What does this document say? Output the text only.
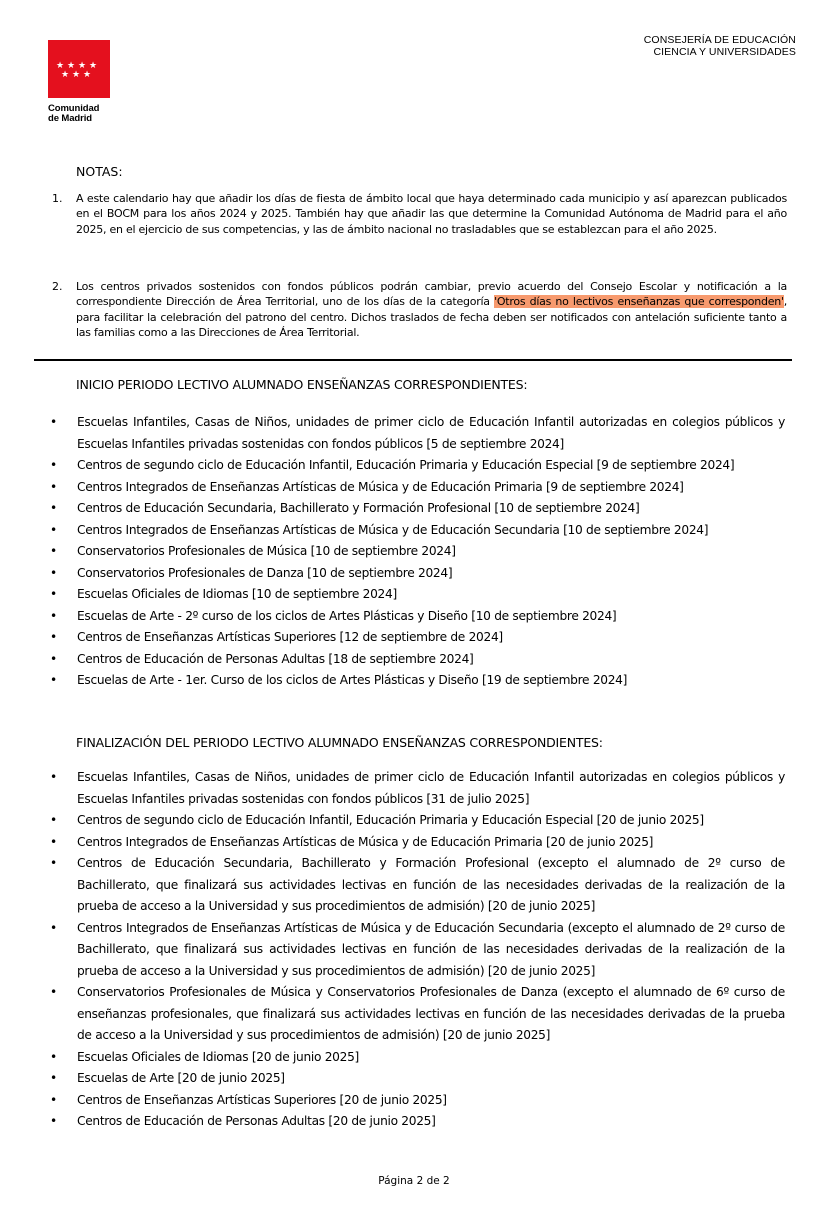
★ ★ ★ ★
★ ★ ★
Comunidad
de Madrid
CONSEJERÍA DE EDUCACIÓN
CIENCIA Y UNIVERSIDADES
NOTAS:
1. A este calendario hay que añadir los días de fiesta de ámbito local que haya determinado cada municipio y así aparezcan publicados en el BOCM para los años 2024 y 2025. También hay que añadir las que determine la Comunidad Autónoma de Madrid para el año 2025, en el ejercicio de sus competencias, y las de ámbito nacional no trasladables que se establezcan para el año 2025.
2. Los centros privados sostenidos con fondos públicos podrán cambiar, previo acuerdo del Consejo Escolar y notificación a la correspondiente Dirección de Área Territorial, uno de los días de la categoría 'Otros días no lectivos enseñanzas que corresponden', para facilitar la celebración del patrono del centro. Dichos traslados de fecha deben ser notificados con antelación suficiente tanto a las familias como a las Direcciones de Área Territorial.
INICIO PERIODO LECTIVO ALUMNADO ENSEÑANZAS CORRESPONDIENTES:
• Escuelas Infantiles, Casas de Niños, unidades de primer ciclo de Educación Infantil autorizadas en colegios públicos y Escuelas Infantiles privadas sostenidas con fondos públicos [5 de septiembre 2024]
• Centros de segundo ciclo de Educación Infantil, Educación Primaria y Educación Especial [9 de septiembre 2024]
• Centros Integrados de Enseñanzas Artísticas de Música y de Educación Primaria [9 de septiembre 2024]
• Centros de Educación Secundaria, Bachillerato y Formación Profesional [10 de septiembre 2024]
• Centros Integrados de Enseñanzas Artísticas de Música y de Educación Secundaria [10 de septiembre 2024]
• Conservatorios Profesionales de Música [10 de septiembre 2024]
• Conservatorios Profesionales de Danza [10 de septiembre 2024]
• Escuelas Oficiales de Idiomas [10 de septiembre 2024]
• Escuelas de Arte - 2º curso de los ciclos de Artes Plásticas y Diseño [10 de septiembre 2024]
• Centros de Enseñanzas Artísticas Superiores [12 de septiembre de 2024]
• Centros de Educación de Personas Adultas [18 de septiembre 2024]
• Escuelas de Arte - 1er. Curso de los ciclos de Artes Plásticas y Diseño [19 de septiembre 2024]
FINALIZACIÓN DEL PERIODO LECTIVO ALUMNADO ENSEÑANZAS CORRESPONDIENTES:
• Escuelas Infantiles, Casas de Niños, unidades de primer ciclo de Educación Infantil autorizadas en colegios públicos y Escuelas Infantiles privadas sostenidas con fondos públicos [31 de julio 2025]
• Centros de segundo ciclo de Educación Infantil, Educación Primaria y Educación Especial [20 de junio 2025]
• Centros Integrados de Enseñanzas Artísticas de Música y de Educación Primaria [20 de junio 2025]
• Centros de Educación Secundaria, Bachillerato y Formación Profesional (excepto el alumnado de 2º curso de Bachillerato, que finalizará sus actividades lectivas en función de las necesidades derivadas de la realización de la prueba de acceso a la Universidad y sus procedimientos de admisión) [20 de junio 2025]
• Centros Integrados de Enseñanzas Artísticas de Música y de Educación Secundaria (excepto el alumnado de 2º curso de Bachillerato, que finalizará sus actividades lectivas en función de las necesidades derivadas de la realización de la prueba de acceso a la Universidad y sus procedimientos de admisión) [20 de junio 2025]
• Conservatorios Profesionales de Música y Conservatorios Profesionales de Danza (excepto el alumnado de 6º curso de enseñanzas profesionales, que finalizará sus actividades lectivas en función de las necesidades derivadas de la prueba de acceso a la Universidad y sus procedimientos de admisión) [20 de junio 2025]
• Escuelas Oficiales de Idiomas [20 de junio 2025]
• Escuelas de Arte [20 de junio 2025]
• Centros de Enseñanzas Artísticas Superiores [20 de junio 2025]
• Centros de Educación de Personas Adultas [20 de junio 2025]
Página 2 de 2
